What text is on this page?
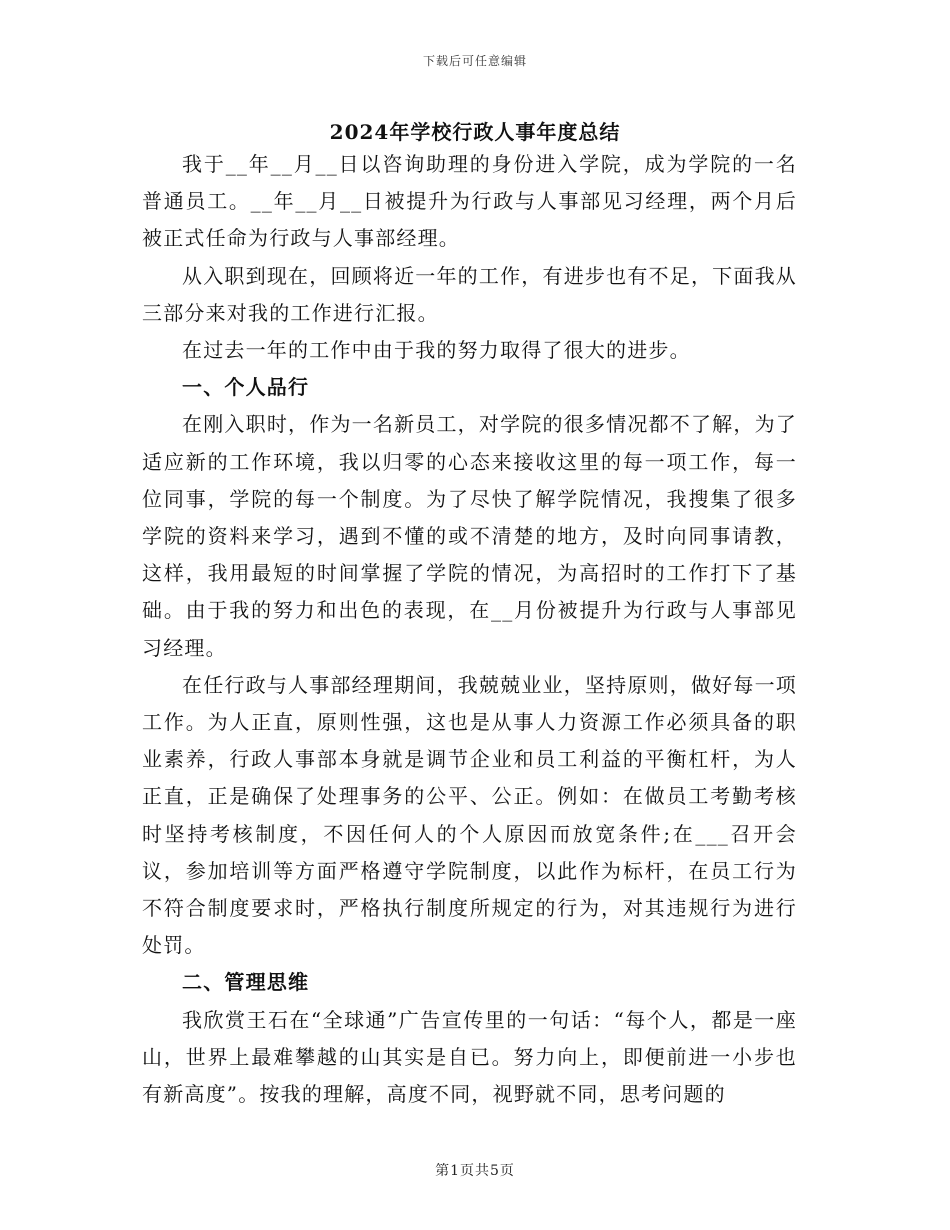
下载后可任意编辑
2024年学校行政人事年度总结

我于__年__月__日以咨询助理的身份进入学院，成为学院的一名普通员工。__年__月__日被提升为行政与人事部见习经理，两个月后被正式任命为行政与人事部经理。

从入职到现在，回顾将近一年的工作，有进步也有不足，下面我从三部分来对我的工作进行汇报。

在过去一年的工作中由于我的努力取得了很大的进步。

一、个人品行

在刚入职时，作为一名新员工，对学院的很多情况都不了解，为了适应新的工作环境，我以归零的心态来接收这里的每一项工作，每一位同事，学院的每一个制度。为了尽快了解学院情况，我搜集了很多学院的资料来学习，遇到不懂的或不清楚的地方，及时向同事请教，这样，我用最短的时间掌握了学院的情况，为高招时的工作打下了基础。由于我的努力和出色的表现，在__月份被提升为行政与人事部见习经理。

在任行政与人事部经理期间，我兢兢业业，坚持原则，做好每一项工作。为人正直，原则性强，这也是从事人力资源工作必须具备的职业素养，行政人事部本身就是调节企业和员工利益的平衡杠杆，为人正直，正是确保了处理事务的公平、公正。例如：在做员工考勤考核时坚持考核制度，不因任何人的个人原因而放宽条件;在___召开会议，参加培训等方面严格遵守学院制度，以此作为标杆，在员工行为不符合制度要求时，严格执行制度所规定的行为，对其违规行为进行处罚。

二、管理思维

我欣赏王石在“全球通”广告宣传里的一句话：“每个人，都是一座山，世界上最难攀越的山其实是自已。努力向上，即便前进一小步也有新高度”。按我的理解，高度不同，视野就不同，思考问题的

第1页共5页
